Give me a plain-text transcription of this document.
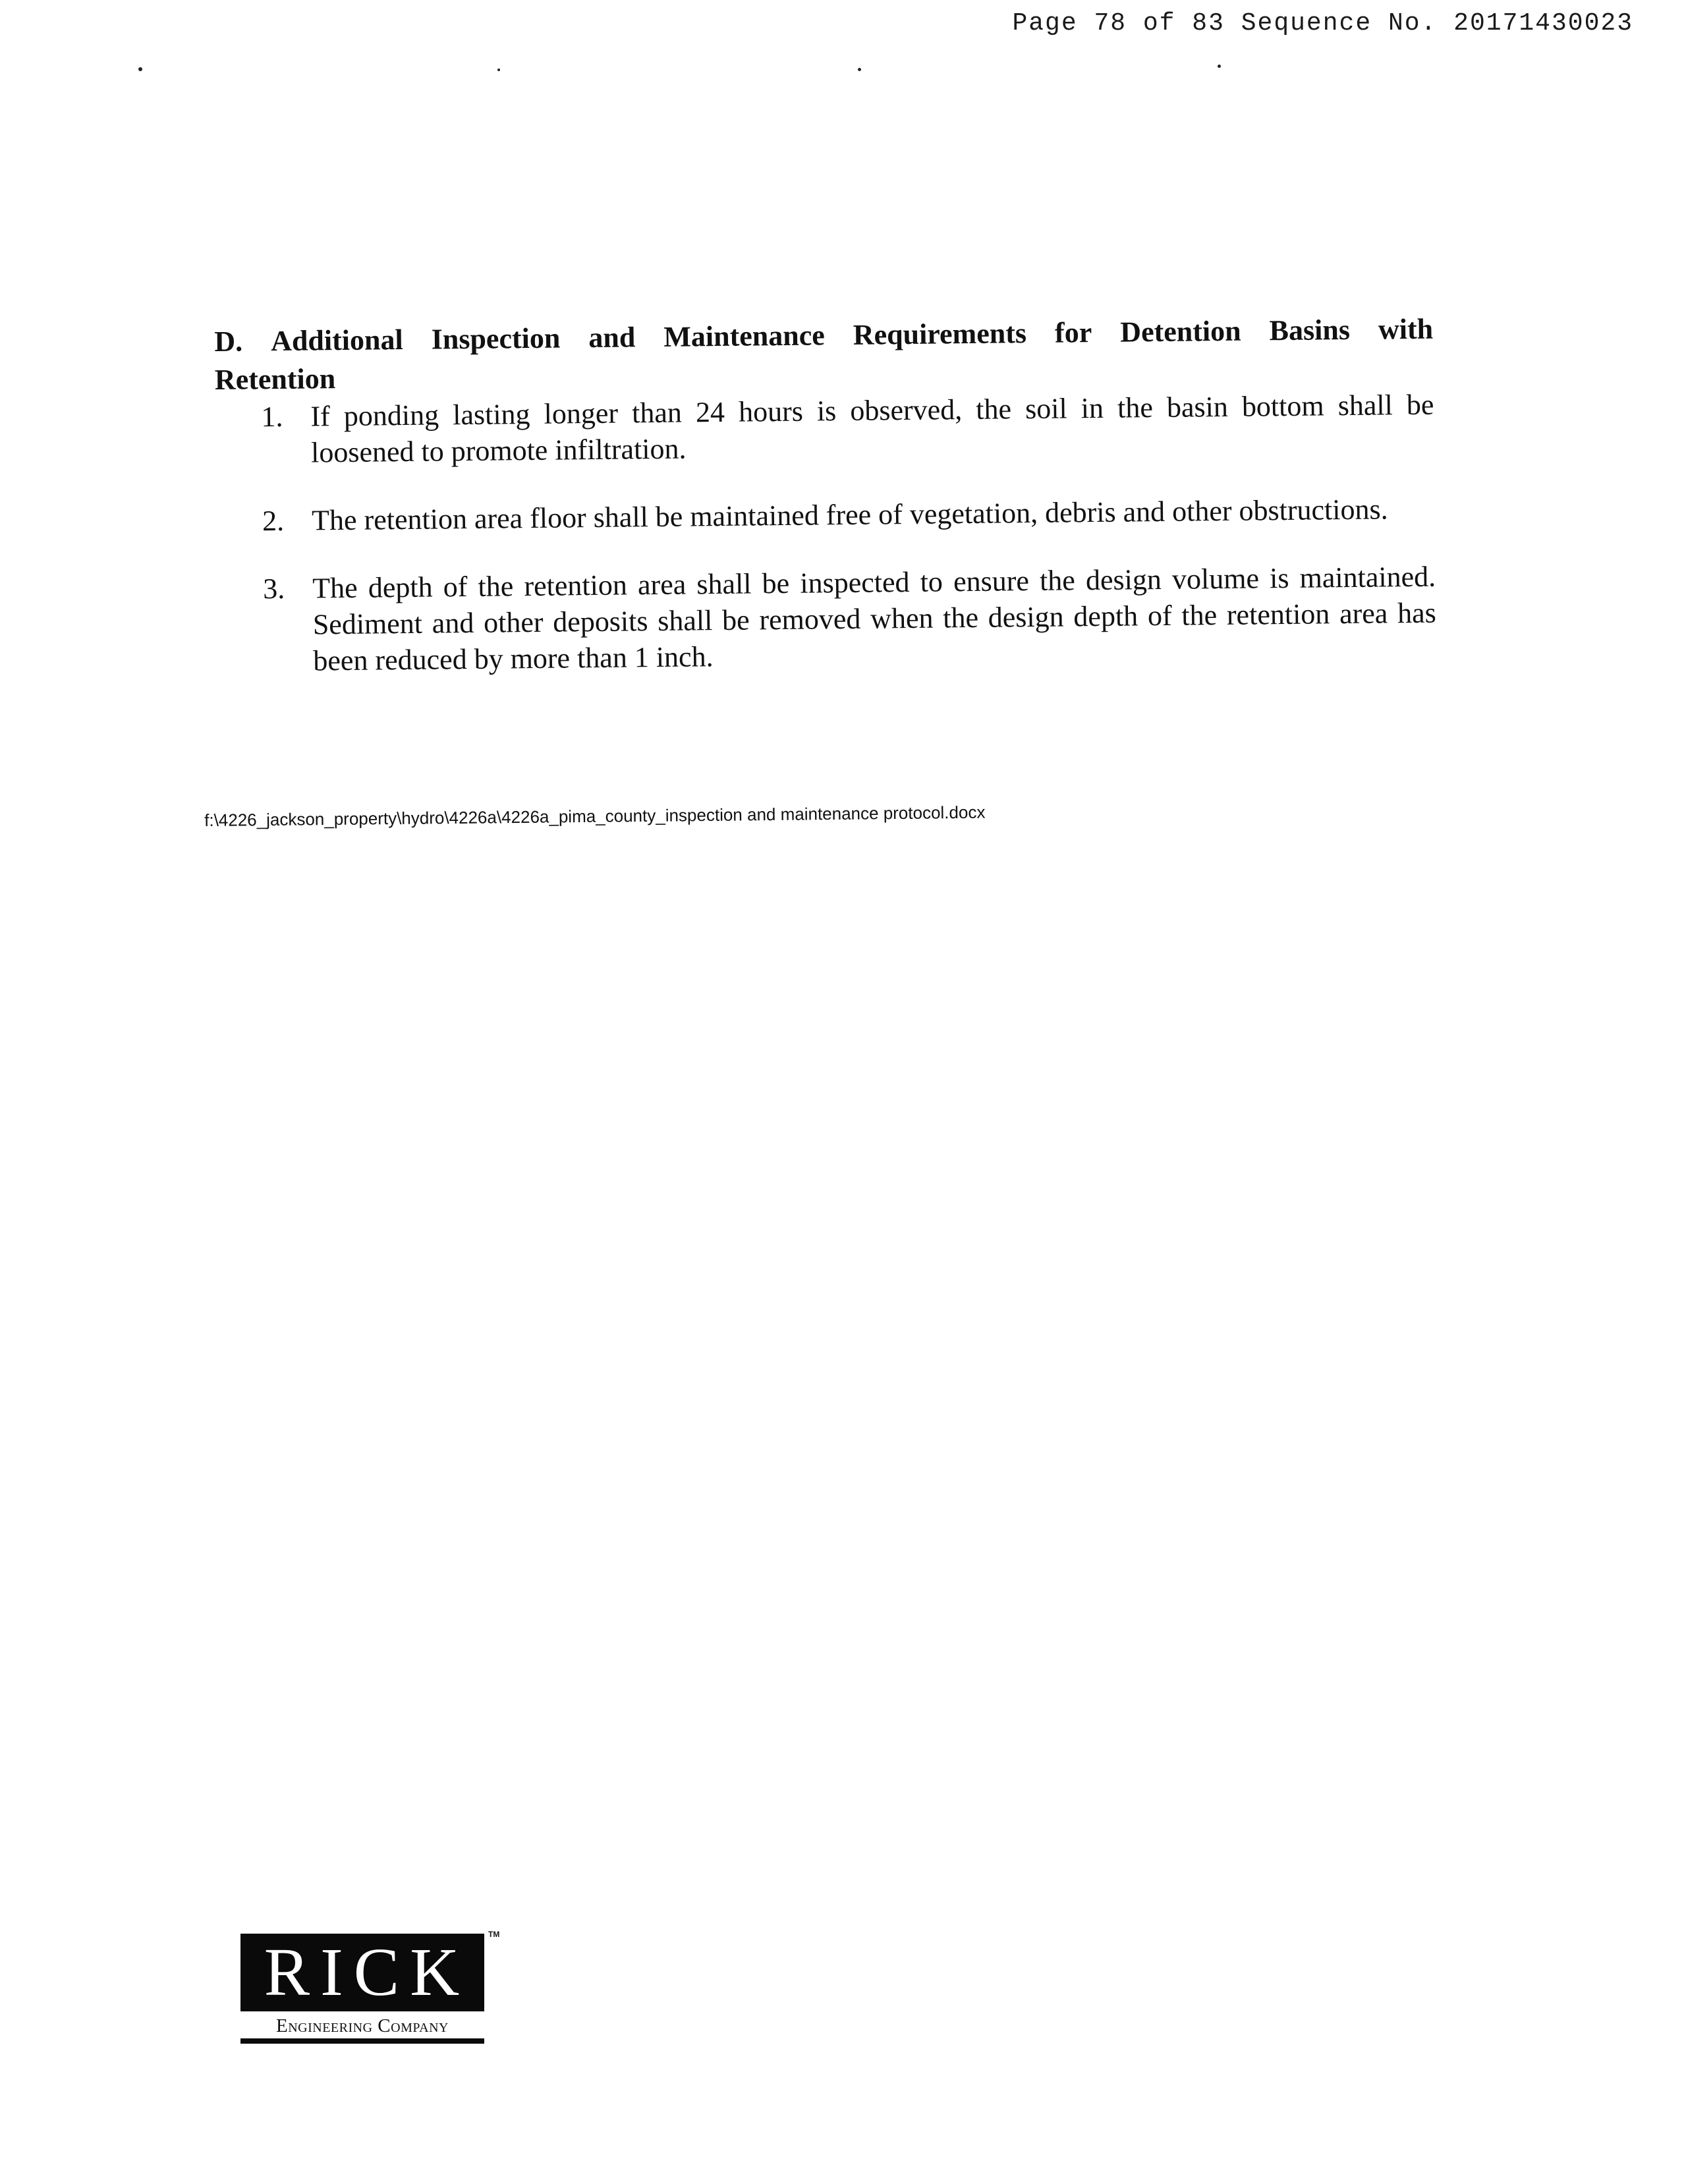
Page 78 of 83 Sequence No. 20171430023
D. Additional Inspection and Maintenance Requirements for Detention Basins with
Retention
1. If ponding lasting longer than 24 hours is observed, the soil in the basin bottom shall be loosened to promote infiltration.
2. The retention area floor shall be maintained free of vegetation, debris and other obstructions.
3. The depth of the retention area shall be inspected to ensure the design volume is maintained. Sediment and other deposits shall be removed when the design depth of the retention area has been reduced by more than 1 inch.
f:\4226_jackson_property\hydro\4226a\4226a_pima_county_inspection and maintenance protocol.docx
RICK TM
Engineering Company
